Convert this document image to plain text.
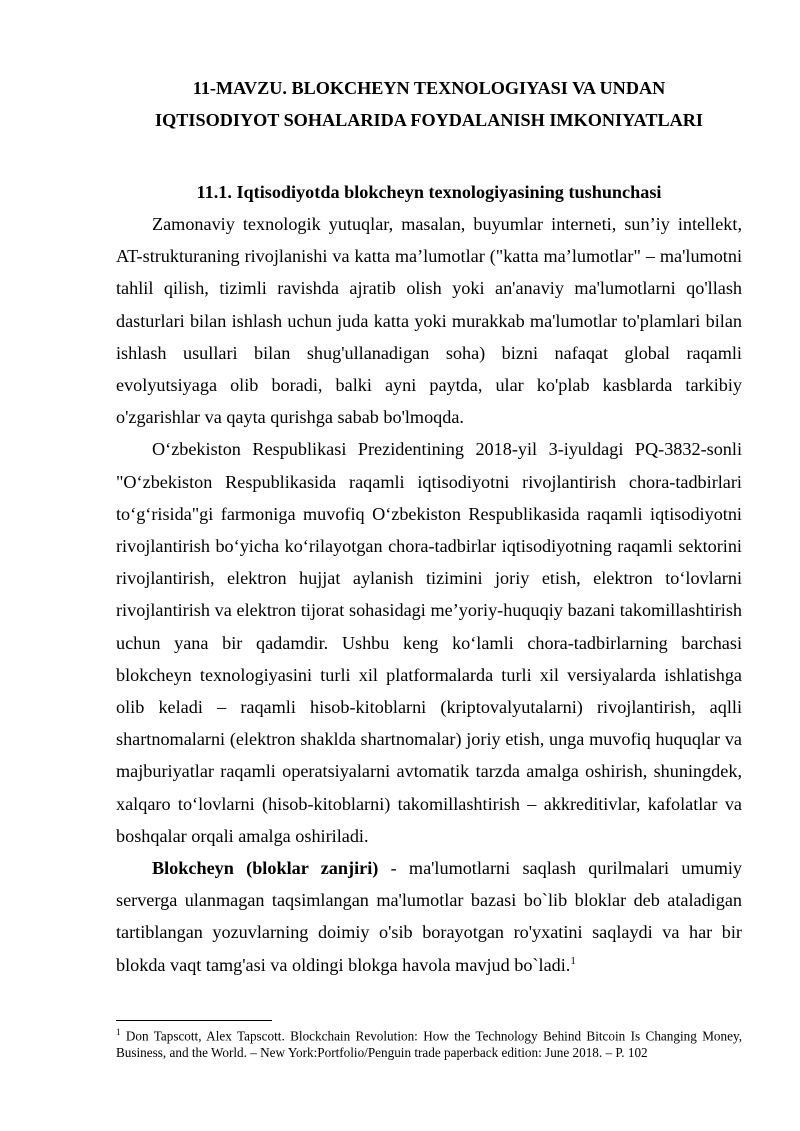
11-MAVZU. BLOKCHEYN TEXNOLOGIYASI VA UNDAN
IQTISODIYOT SOHALARIDA FOYDALANISH IMKONIYATLARI
11.1. Iqtisodiyotda blokcheyn texnologiyasining tushunchasi

Zamonaviy texnologik yutuqlar, masalan, buyumlar interneti, sun’iy intellekt, AT-strukturaning rivojlanishi va katta ma’lumotlar ("katta ma’lumotlar" – ma'lumotni tahlil qilish, tizimli ravishda ajratib olish yoki an'anaviy ma'lumotlarni qo'llash dasturlari bilan ishlash uchun juda katta yoki murakkab ma'lumotlar to'plamlari bilan ishlash usullari bilan shug'ullanadigan soha) bizni nafaqat global raqamli evolyutsiyaga olib boradi, balki ayni paytda, ular ko'plab kasblarda tarkibiy o'zgarishlar va qayta qurishga sabab bo'lmoqda.

O‘zbekiston Respublikasi Prezidentining 2018-yil 3-iyuldagi PQ-3832-sonli "O‘zbekiston Respublikasida raqamli iqtisodiyotni rivojlantirish chora-tadbirlari to‘g‘risida"gi farmoniga muvofiq O‘zbekiston Respublikasida raqamli iqtisodiyotni rivojlantirish bo‘yicha ko‘rilayotgan chora-tadbirlar iqtisodiyotning raqamli sektorini rivojlantirish, elektron hujjat aylanish tizimini joriy etish, elektron to‘lovlarni rivojlantirish va elektron tijorat sohasidagi me’yoriy-huquqiy bazani takomillashtirish uchun yana bir qadamdir. Ushbu keng ko‘lamli chora-tadbirlarning barchasi blokcheyn texnologiyasini turli xil platformalarda turli xil versiyalarda ishlatishga olib keladi – raqamli hisob-kitoblarni (kriptovalyutalarni) rivojlantirish, aqlli shartnomalarni (elektron shaklda shartnomalar) joriy etish, unga muvofiq huquqlar va majburiyatlar raqamli operatsiyalarni avtomatik tarzda amalga oshirish, shuningdek, xalqaro to‘lovlarni (hisob-kitoblarni) takomillashtirish – akkreditivlar, kafolatlar va boshqalar orqali amalga oshiriladi.

Blokcheyn (bloklar zanjiri) - ma'lumotlarni saqlash qurilmalari umumiy serverga ulanmagan taqsimlangan ma'lumotlar bazasi bo`lib bloklar deb ataladigan tartiblangan yozuvlarning doimiy o'sib borayotgan ro'yxatini saqlaydi va har bir blokda vaqt tamg'asi va oldingi blokga havola mavjud bo`ladi.$^1$

$^1$ Don Tapscott, Alex Tapscott. Blockchain Revolution: How the Technology Behind Bitcoin Is Changing Money, Business, and the World. – New York:Portfolio/Penguin trade paperback edition: June 2018. – P. 102
